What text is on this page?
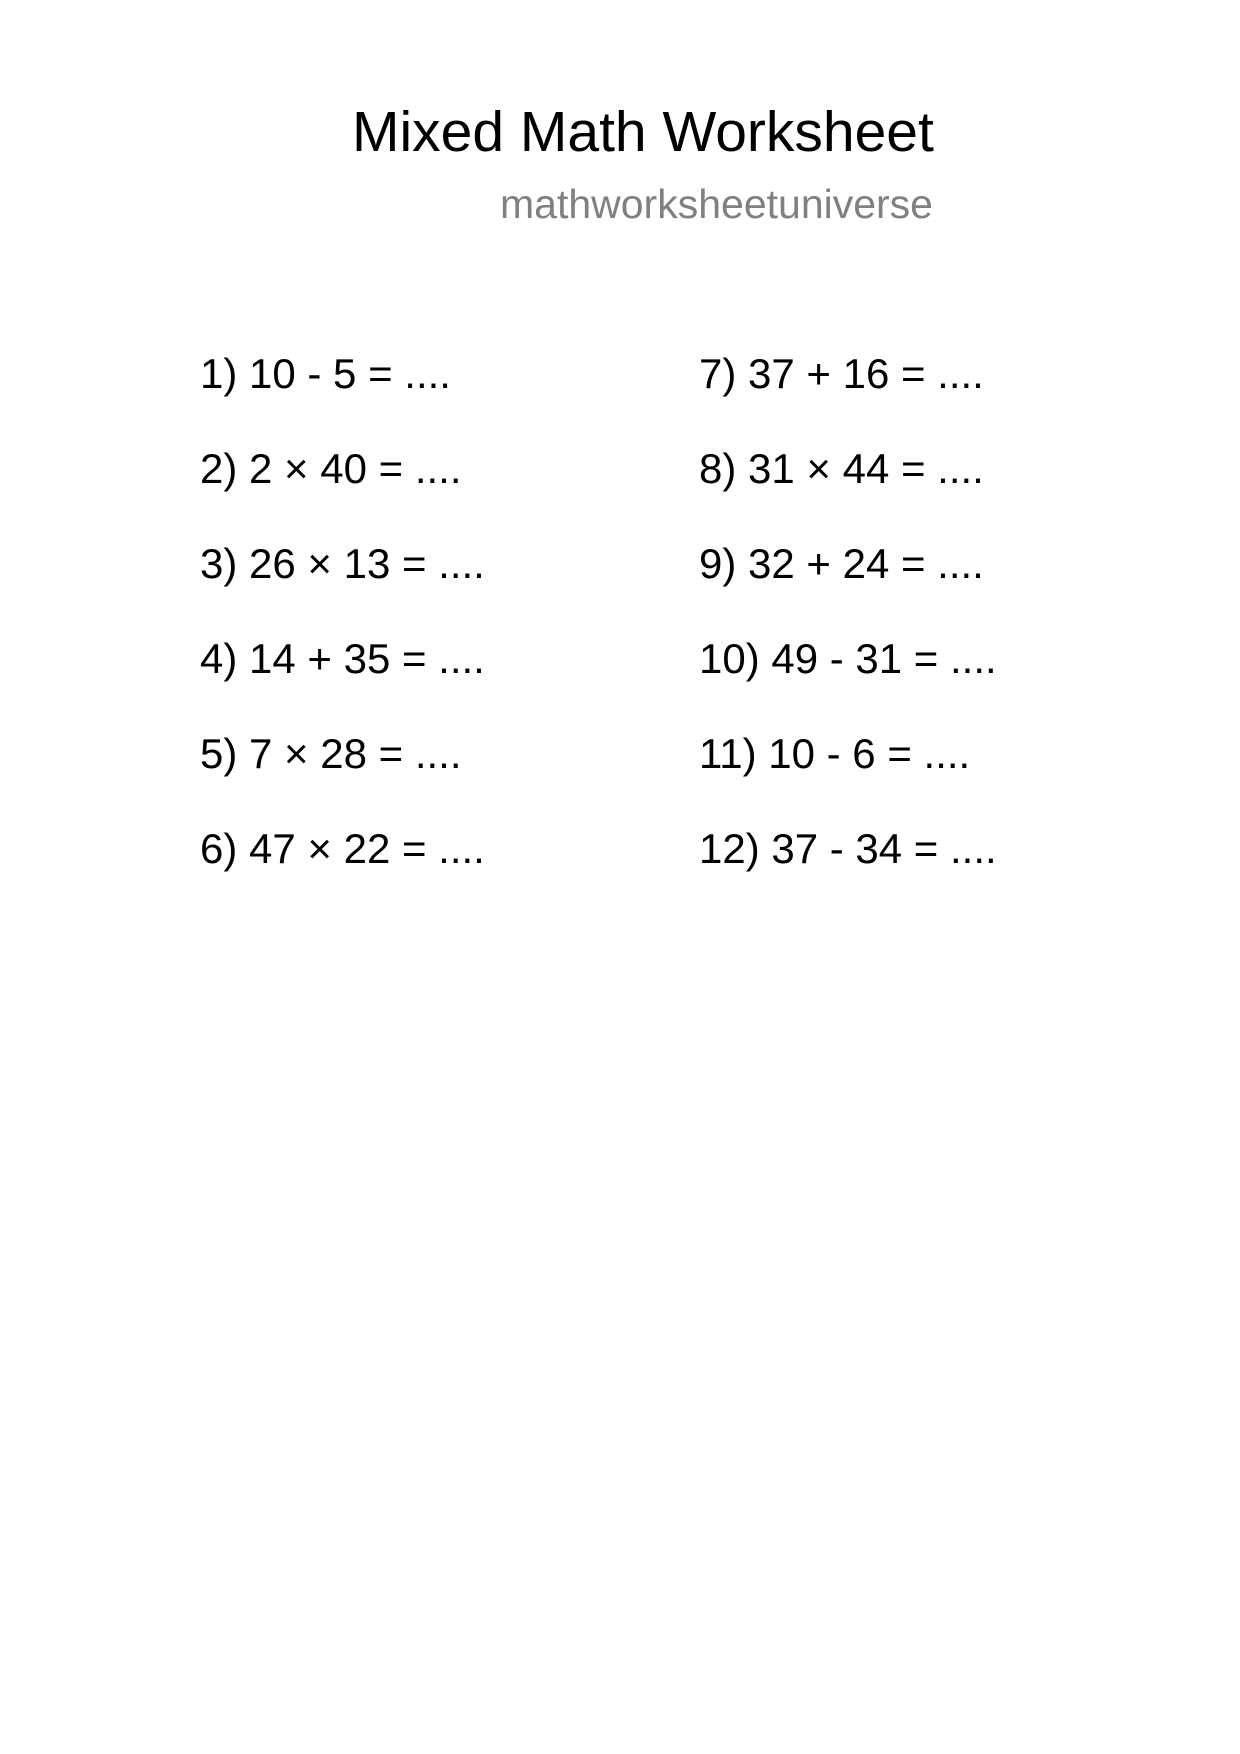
Mixed Math Worksheet
mathworksheetuniverse
1) 10 - 5 = ....
2) 2 × 40 = ....
3) 26 × 13 = ....
4) 14 + 35 = ....
5) 7 × 28 = ....
6) 47 × 22 = ....
7) 37 + 16 = ....
8) 31 × 44 = ....
9) 32 + 24 = ....
10) 49 - 31 = ....
11) 10 - 6 = ....
12) 37 - 34 = ....
